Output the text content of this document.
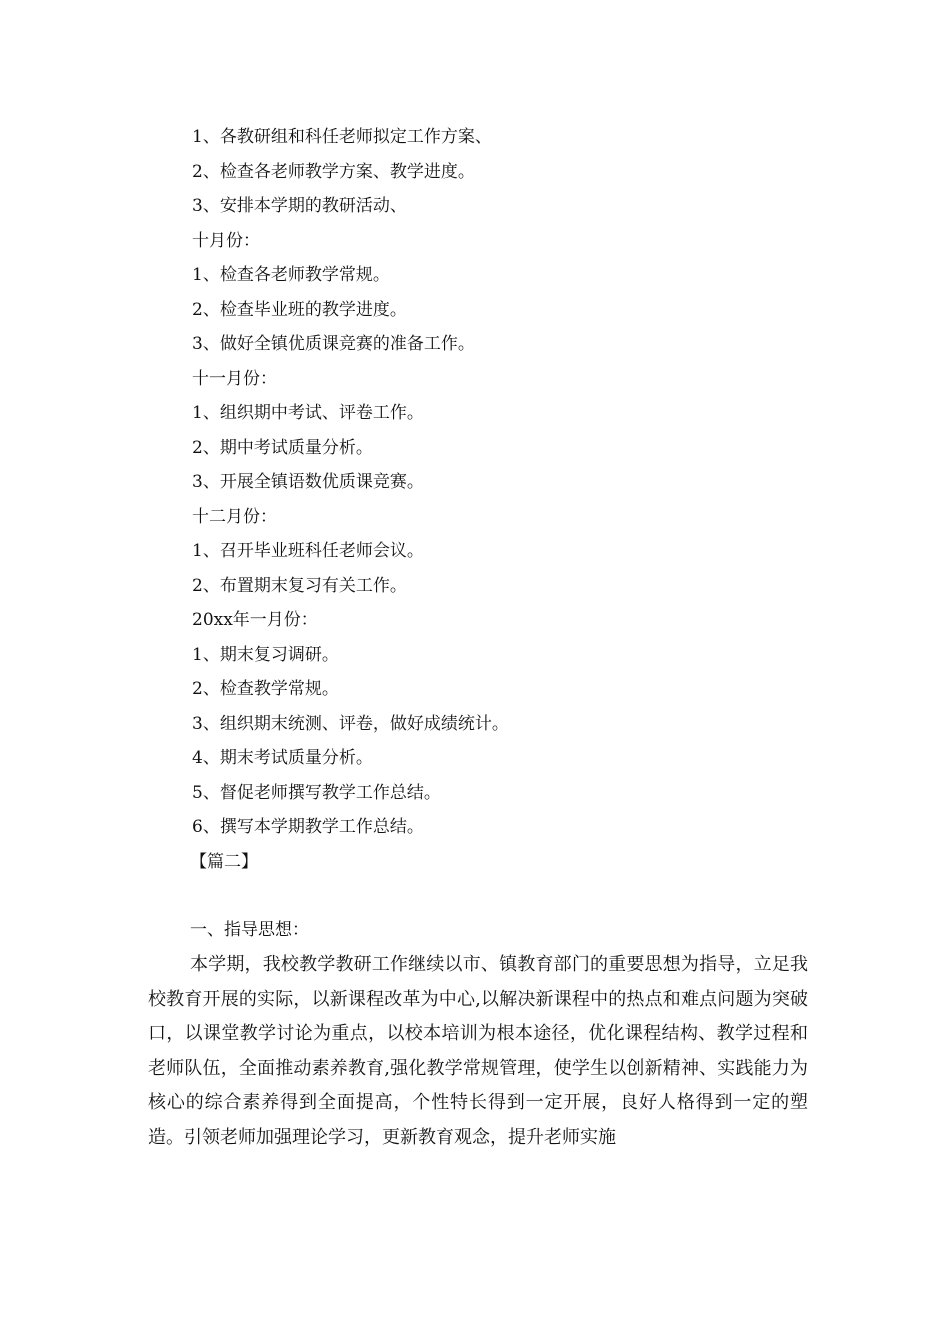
1、各教研组和科任老师拟定工作方案、
2、检查各老师教学方案、教学进度。
3、安排本学期的教研活动、
十月份：
1、检查各老师教学常规。
2、检查毕业班的教学进度。
3、做好全镇优质课竞赛的准备工作。
十一月份：
1、组织期中考试、评卷工作。
2、期中考试质量分析。
3、开展全镇语数优质课竞赛。
十二月份：
1、召开毕业班科任老师会议。
2、布置期末复习有关工作。
20xx年一月份：
1、期末复习调研。
2、检查教学常规。
3、组织期末统测、评卷，做好成绩统计。
4、期末考试质量分析。
5、督促老师撰写教学工作总结。
6、撰写本学期教学工作总结。
【篇二】
一、指导思想：
本学期，我校教学教研工作继续以市、镇教育部门的重要思想为指导，立足我校教育开展的实际，以新课程改革为中心,以解决新课程中的热点和难点问题为突破口，以课堂教学讨论为重点，以校本培训为根本途径，优化课程结构、教学过程和老师队伍，全面推动素养教育,强化教学常规管理，使学生以创新精神、实践能力为核心的综合素养得到全面提高，个性特长得到一定开展，良好人格得到一定的塑造。引领老师加强理论学习，更新教育观念，提升老师实施
